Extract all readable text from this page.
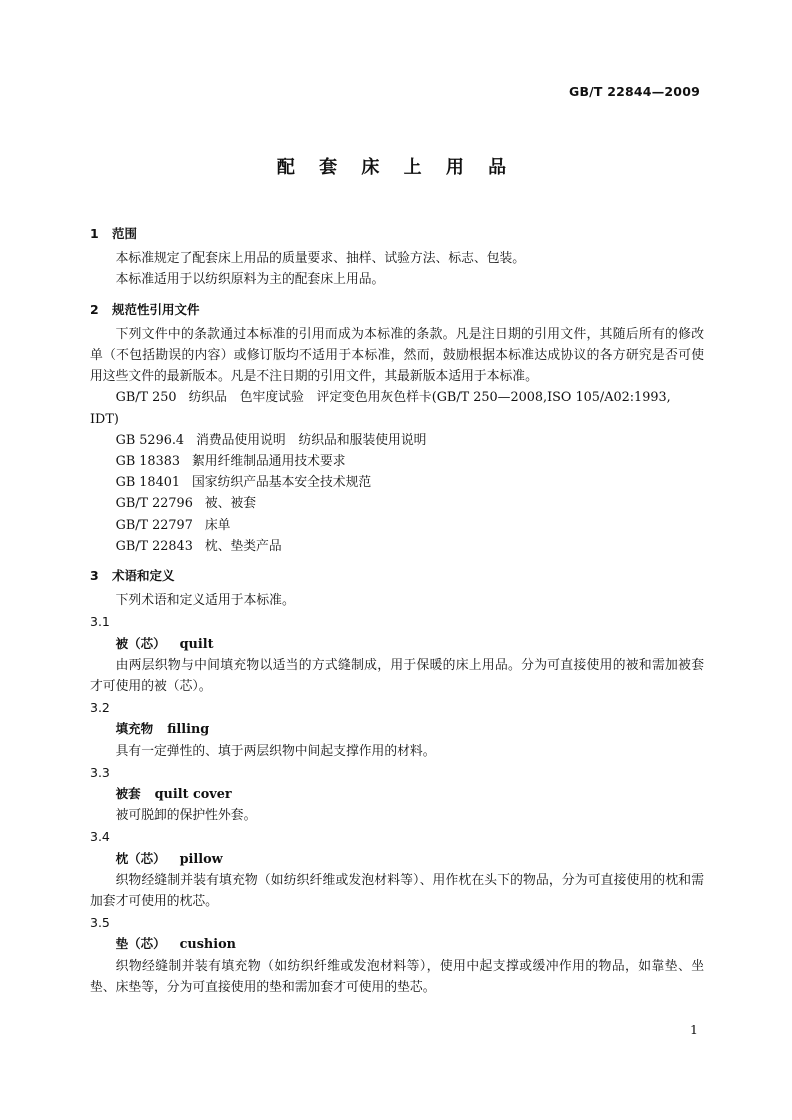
GB/T 22844—2009
配 套 床 上 用 品
1 范围

本标准规定了配套床上用品的质量要求、抽样、试验方法、标志、包装。

本标准适用于以纺织原料为主的配套床上用品。

2 规范性引用文件

下列文件中的条款通过本标准的引用而成为本标准的条款。凡是注日期的引用文件，其随后所有的修改单（不包括勘误的内容）或修订版均不适用于本标准，然而，鼓励根据本标准达成协议的各方研究是否可使用这些文件的最新版本。凡是不注日期的引用文件，其最新版本适用于本标准。

GB/T 250 纺织品　色牢度试验　评定变色用灰色样卡(GB/T 250—2008,ISO 105/A02:1993,

IDT)

GB 5296.4 消费品使用说明　纺织品和服装使用说明

GB 18383 絮用纤维制品通用技术要求

GB 18401 国家纺织产品基本安全技术规范

GB/T 22796 被、被套

GB/T 22797 床单

GB/T 22843 枕、垫类产品

3 术语和定义

下列术语和定义适用于本标准。

3.1

被（芯） quilt

由两层织物与中间填充物以适当的方式缝制成，用于保暖的床上用品。分为可直接使用的被和需加被套才可使用的被（芯）。

3.2

填充物 filling

具有一定弹性的、填于两层织物中间起支撑作用的材料。

3.3

被套 quilt cover

被可脱卸的保护性外套。

3.4

枕（芯） pillow

织物经缝制并装有填充物（如纺织纤维或发泡材料等）、用作枕在头下的物品，分为可直接使用的枕和需加套才可使用的枕芯。

3.5

垫（芯） cushion

织物经缝制并装有填充物（如纺织纤维或发泡材料等），使用中起支撑或缓冲作用的物品，如靠垫、坐垫、床垫等，分为可直接使用的垫和需加套才可使用的垫芯。

1
